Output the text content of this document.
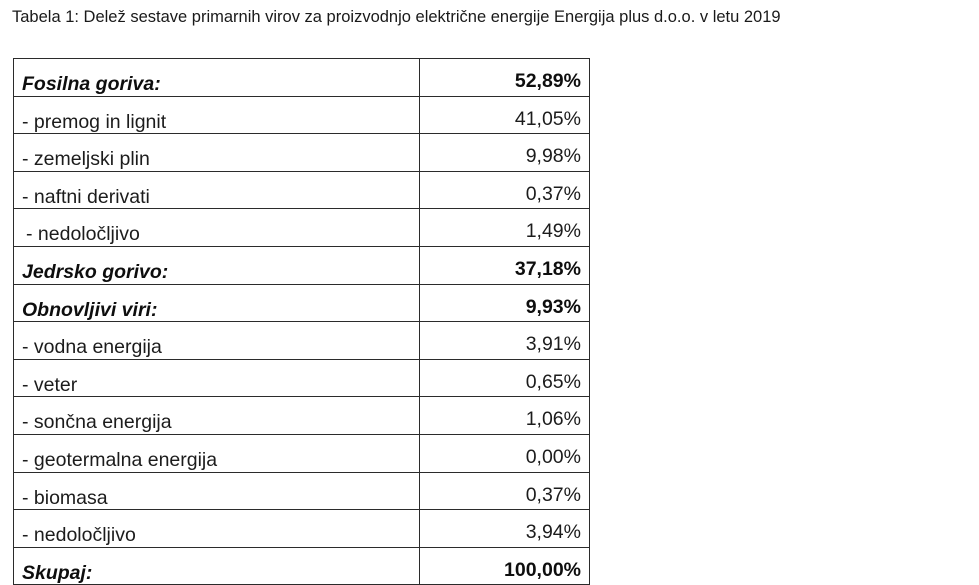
Tabela 1: Delež sestave primarnih virov za proizvodnjo električne energije Energija plus d.o.o. v letu 2019
Fosilna goriva:	52,89%
- premog in lignit	41,05%
- zemeljski plin	9,98%
- naftni derivati	0,37%
- nedoločljivo	1,49%
Jedrsko gorivo:	37,18%
Obnovljivi viri:	9,93%
- vodna energija	3,91%
- veter	0,65%
- sončna energija	1,06%
- geotermalna energija	0,00%
- biomasa	0,37%
- nedoločljivo	3,94%
Skupaj:	100,00%
